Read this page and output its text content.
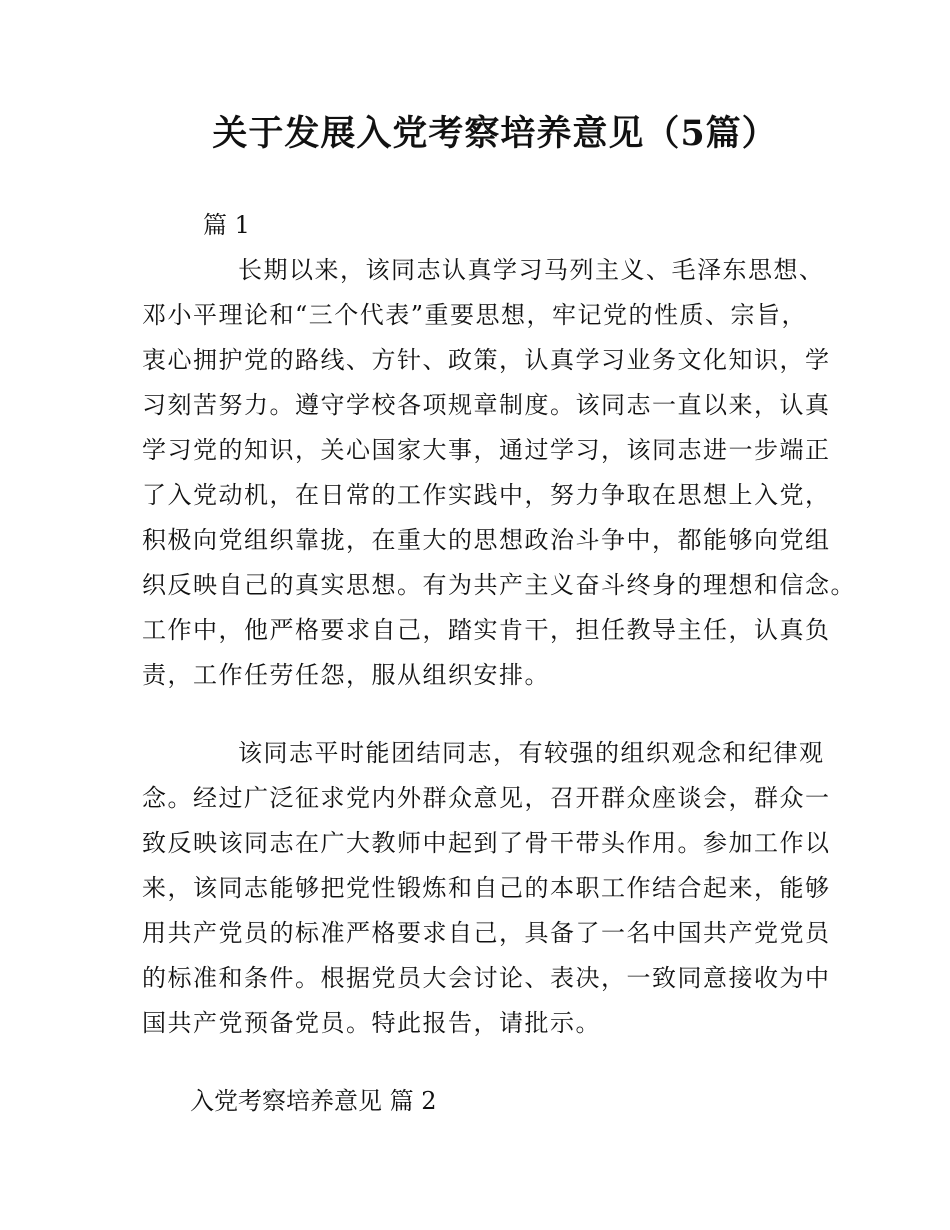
关于发展入党考察培养意见（5篇）
篇 1
长期以来，该同志认真学习马列主义、毛泽东思想、
邓小平理论和“三个代表”重要思想，牢记党的性质、宗旨，
衷心拥护党的路线、方针、政策，认真学习业务文化知识，学
习刻苦努力。遵守学校各项规章制度。该同志一直以来，认真
学习党的知识，关心国家大事，通过学习，该同志进一步端正
了入党动机，在日常的工作实践中，努力争取在思想上入党，
积极向党组织靠拢，在重大的思想政治斗争中，都能够向党组
织反映自己的真实思想。有为共产主义奋斗终身的理想和信念。
工作中，他严格要求自己，踏实肯干，担任教导主任，认真负
责，工作任劳任怨，服从组织安排。
该同志平时能团结同志，有较强的组织观念和纪律观
念。经过广泛征求党内外群众意见，召开群众座谈会，群众一
致反映该同志在广大教师中起到了骨干带头作用。参加工作以
来，该同志能够把党性锻炼和自己的本职工作结合起来，能够
用共产党员的标准严格要求自己，具备了一名中国共产党党员
的标准和条件。根据党员大会讨论、表决，一致同意接收为中
国共产党预备党员。特此报告，请批示。
入党考察培养意见 篇 2
